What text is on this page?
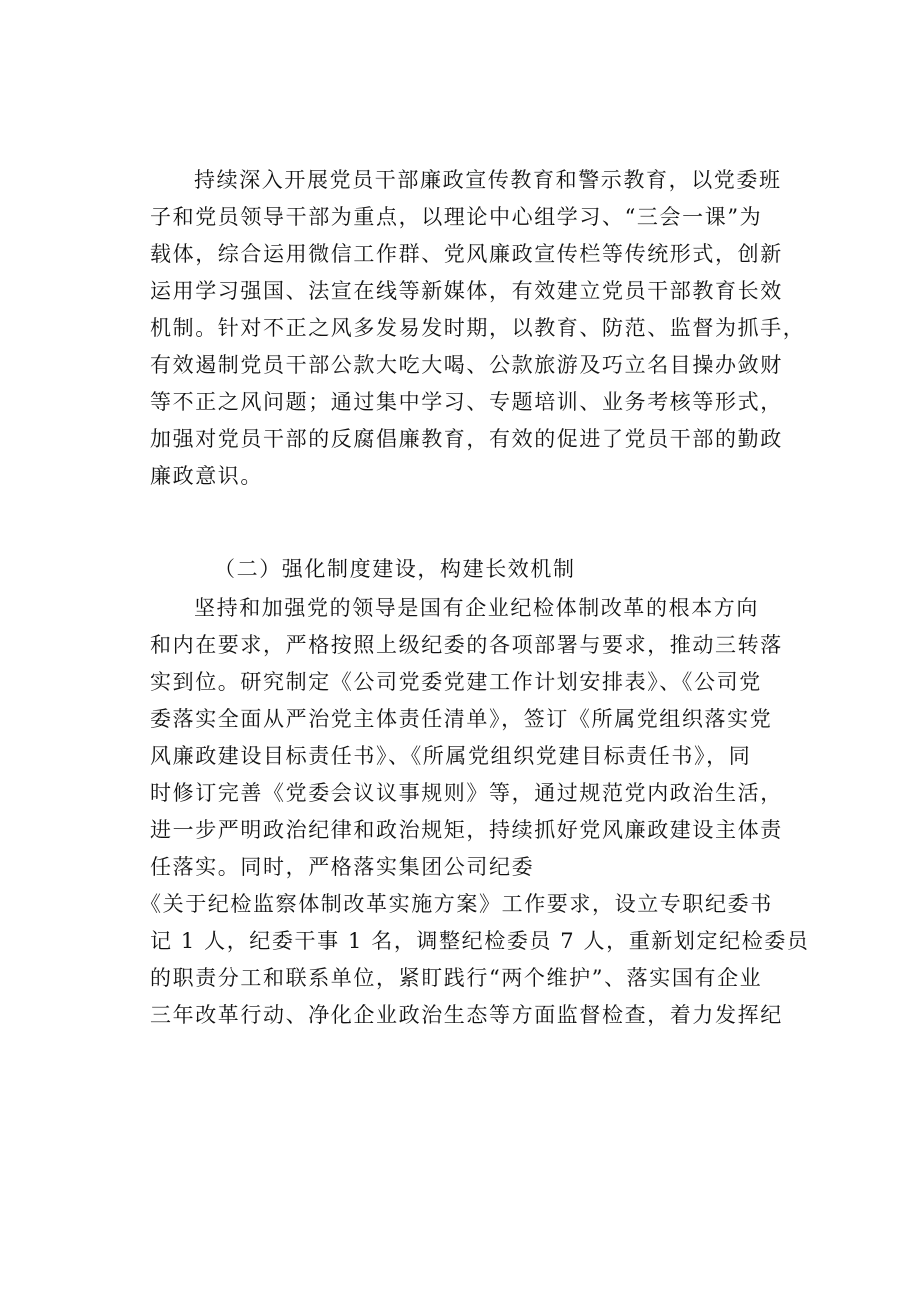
持续深入开展党员干部廉政宣传教育和警示教育，以党委班
子和党员领导干部为重点，以理论中心组学习、“三会一课”为
载体，综合运用微信工作群、党风廉政宣传栏等传统形式，创新
运用学习强国、法宣在线等新媒体，有效建立党员干部教育长效
机制。针对不正之风多发易发时期，以教育、防范、监督为抓手，
有效遏制党员干部公款大吃大喝、公款旅游及巧立名目操办敛财
等不正之风问题；通过集中学习、专题培训、业务考核等形式，
加强对党员干部的反腐倡廉教育，有效的促进了党员干部的勤政
廉政意识。
（二）强化制度建设，构建长效机制
坚持和加强党的领导是国有企业纪检体制改革的根本方向
和内在要求，严格按照上级纪委的各项部署与要求，推动三转落
实到位。研究制定《公司党委党建工作计划安排表》、《公司党
委落实全面从严治党主体责任清单》，签订《所属党组织落实党
风廉政建设目标责任书》、《所属党组织党建目标责任书》，同
时修订完善《党委会议议事规则》等，通过规范党内政治生活，
进一步严明政治纪律和政治规矩，持续抓好党风廉政建设主体责
任落实。同时，严格落实集团公司纪委
《关于纪检监察体制改革实施方案》工作要求，设立专职纪委书
记 1 人，纪委干事 1 名，调整纪检委员 7 人，重新划定纪检委员
的职责分工和联系单位，紧盯践行“两个维护”、落实国有企业
三年改革行动、净化企业政治生态等方面监督检查，着力发挥纪
